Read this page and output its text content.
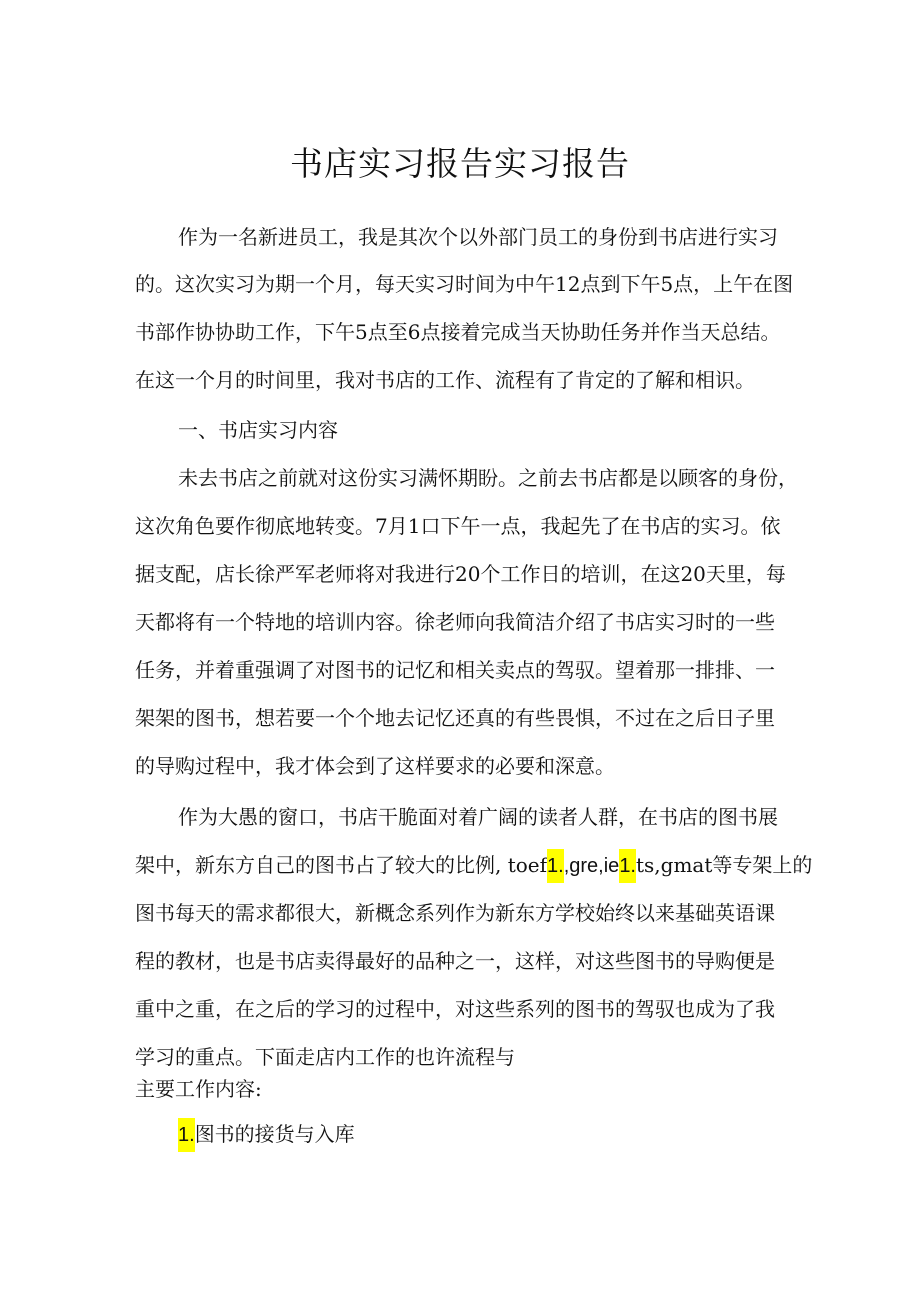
书店实习报告实习报告
作为一名新进员工，我是其次个以外部门员工的身份到书店进行实习
的。这次实习为期一个月，每天实习时间为中午12点到下午5点，上午在图
书部作协协助工作，下午5点至6点接着完成当天协助任务并作当天总结。
在这一个月的时间里，我对书店的工作、流程有了肯定的了解和相识。
一、书店实习内容
未去书店之前就对这份实习满怀期盼。之前去书店都是以顾客的身份，
这次角色要作彻底地转变。7月1口下午一点，我起先了在书店的实习。依
据支配，店长徐严军老师将对我进行20个工作日的培训，在这20天里，每
天都将有一个特地的培训内容。徐老师向我简洁介绍了书店实习时的一些
任务，并着重强调了对图书的记忆和相关卖点的驾驭。望着那一排排、一
架架的图书，想若要一个个地去记忆还真的有些畏惧，不过在之后日子里
的导购过程中，我才体会到了这样要求的必要和深意。
作为大愚的窗口，书店干脆面对着广阔的读者人群，在书店的图书展
架中，新东方自己的图书占了较大的比例, toef1.,gre,ie1.ts,gmat等专架上的
图书每天的需求都很大，新概念系列作为新东方学校始终以来基础英语课
程的教材，也是书店卖得最好的品种之一，这样，对这些图书的导购便是
重中之重，在之后的学习的过程中，对这些系列的图书的驾驭也成为了我
学习的重点。下面走店内工作的也许流程与
主要工作内容:
1.图书的接货与入库
